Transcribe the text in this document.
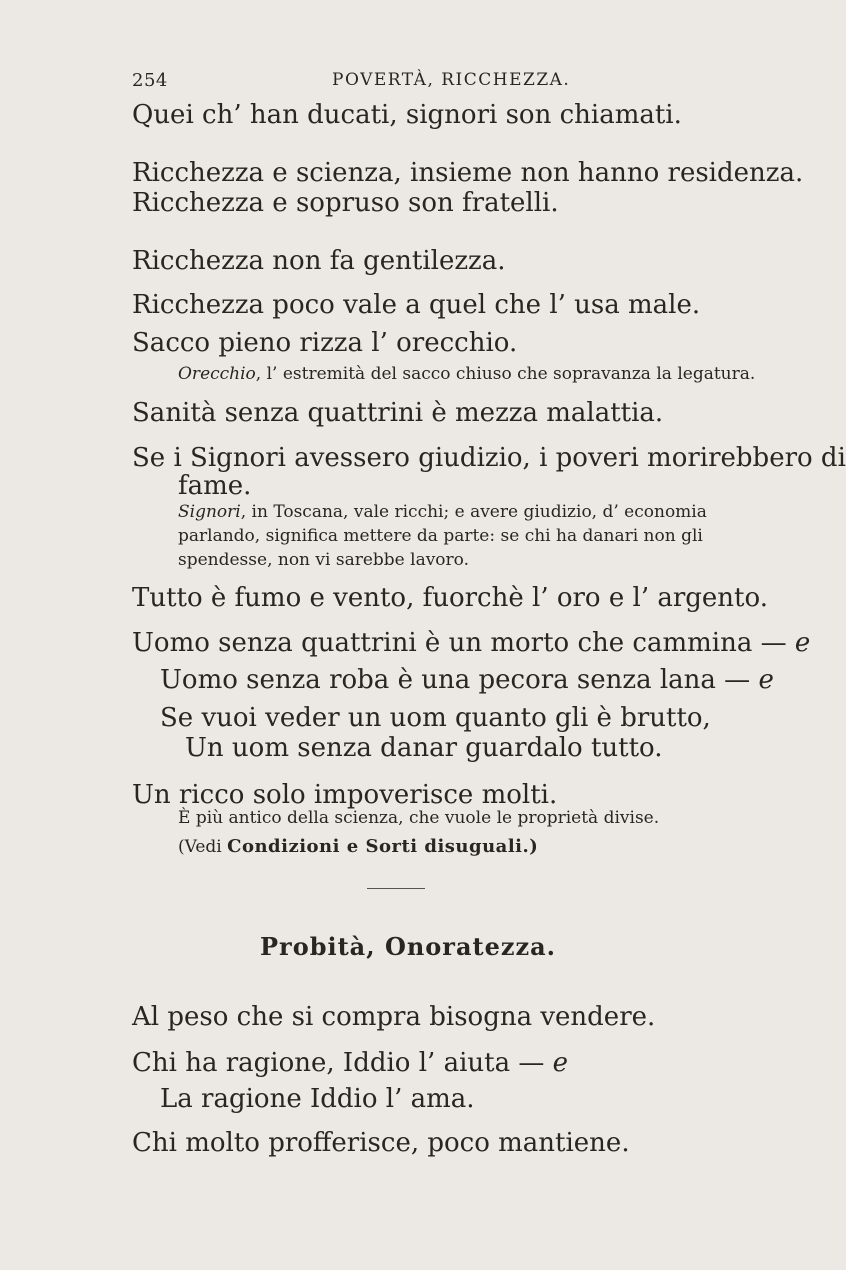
254	POVERTÀ, RICCHEZZA.
Quei ch’ han ducati, signori son chiamati.
Ricchezza e scienza, insieme non hanno residenza.
Ricchezza e sopruso son fratelli.
Ricchezza non fa gentilezza.
Ricchezza poco vale a quel che l’ usa male.
Sacco pieno rizza l’ orecchio.
Orecchio, l’ estremità del sacco chiuso che sopravanza la legatura.
Sanità senza quattrini è mezza malattia.
Se i Signori avessero giudizio, i poveri morirebbero di
fame.
Signori, in Toscana, vale ricchi; e avere giudizio, d’ economia parlando, significa mettere da parte: se chi ha danari non gli spendesse, non vi sarebbe lavoro.
Tutto è fumo e vento, fuorchè l’ oro e l’ argento.
Uomo senza quattrini è un morto che cammina — e
Uomo senza roba è una pecora senza lana — e
Se vuoi veder un uom quanto gli è brutto,
Un uom senza danar guardalo tutto.
Un ricco solo impoverisce molti.
È più antico della scienza, che vuole le proprietà divise.
(Vedi Condizioni e Sorti disuguali.)
Probità, Onoratezza.
Al peso che si compra bisogna vendere.
Chi ha ragione, Iddio l’ aiuta — e
La ragione Iddio l’ ama.
Chi molto profferisce, poco mantiene.
